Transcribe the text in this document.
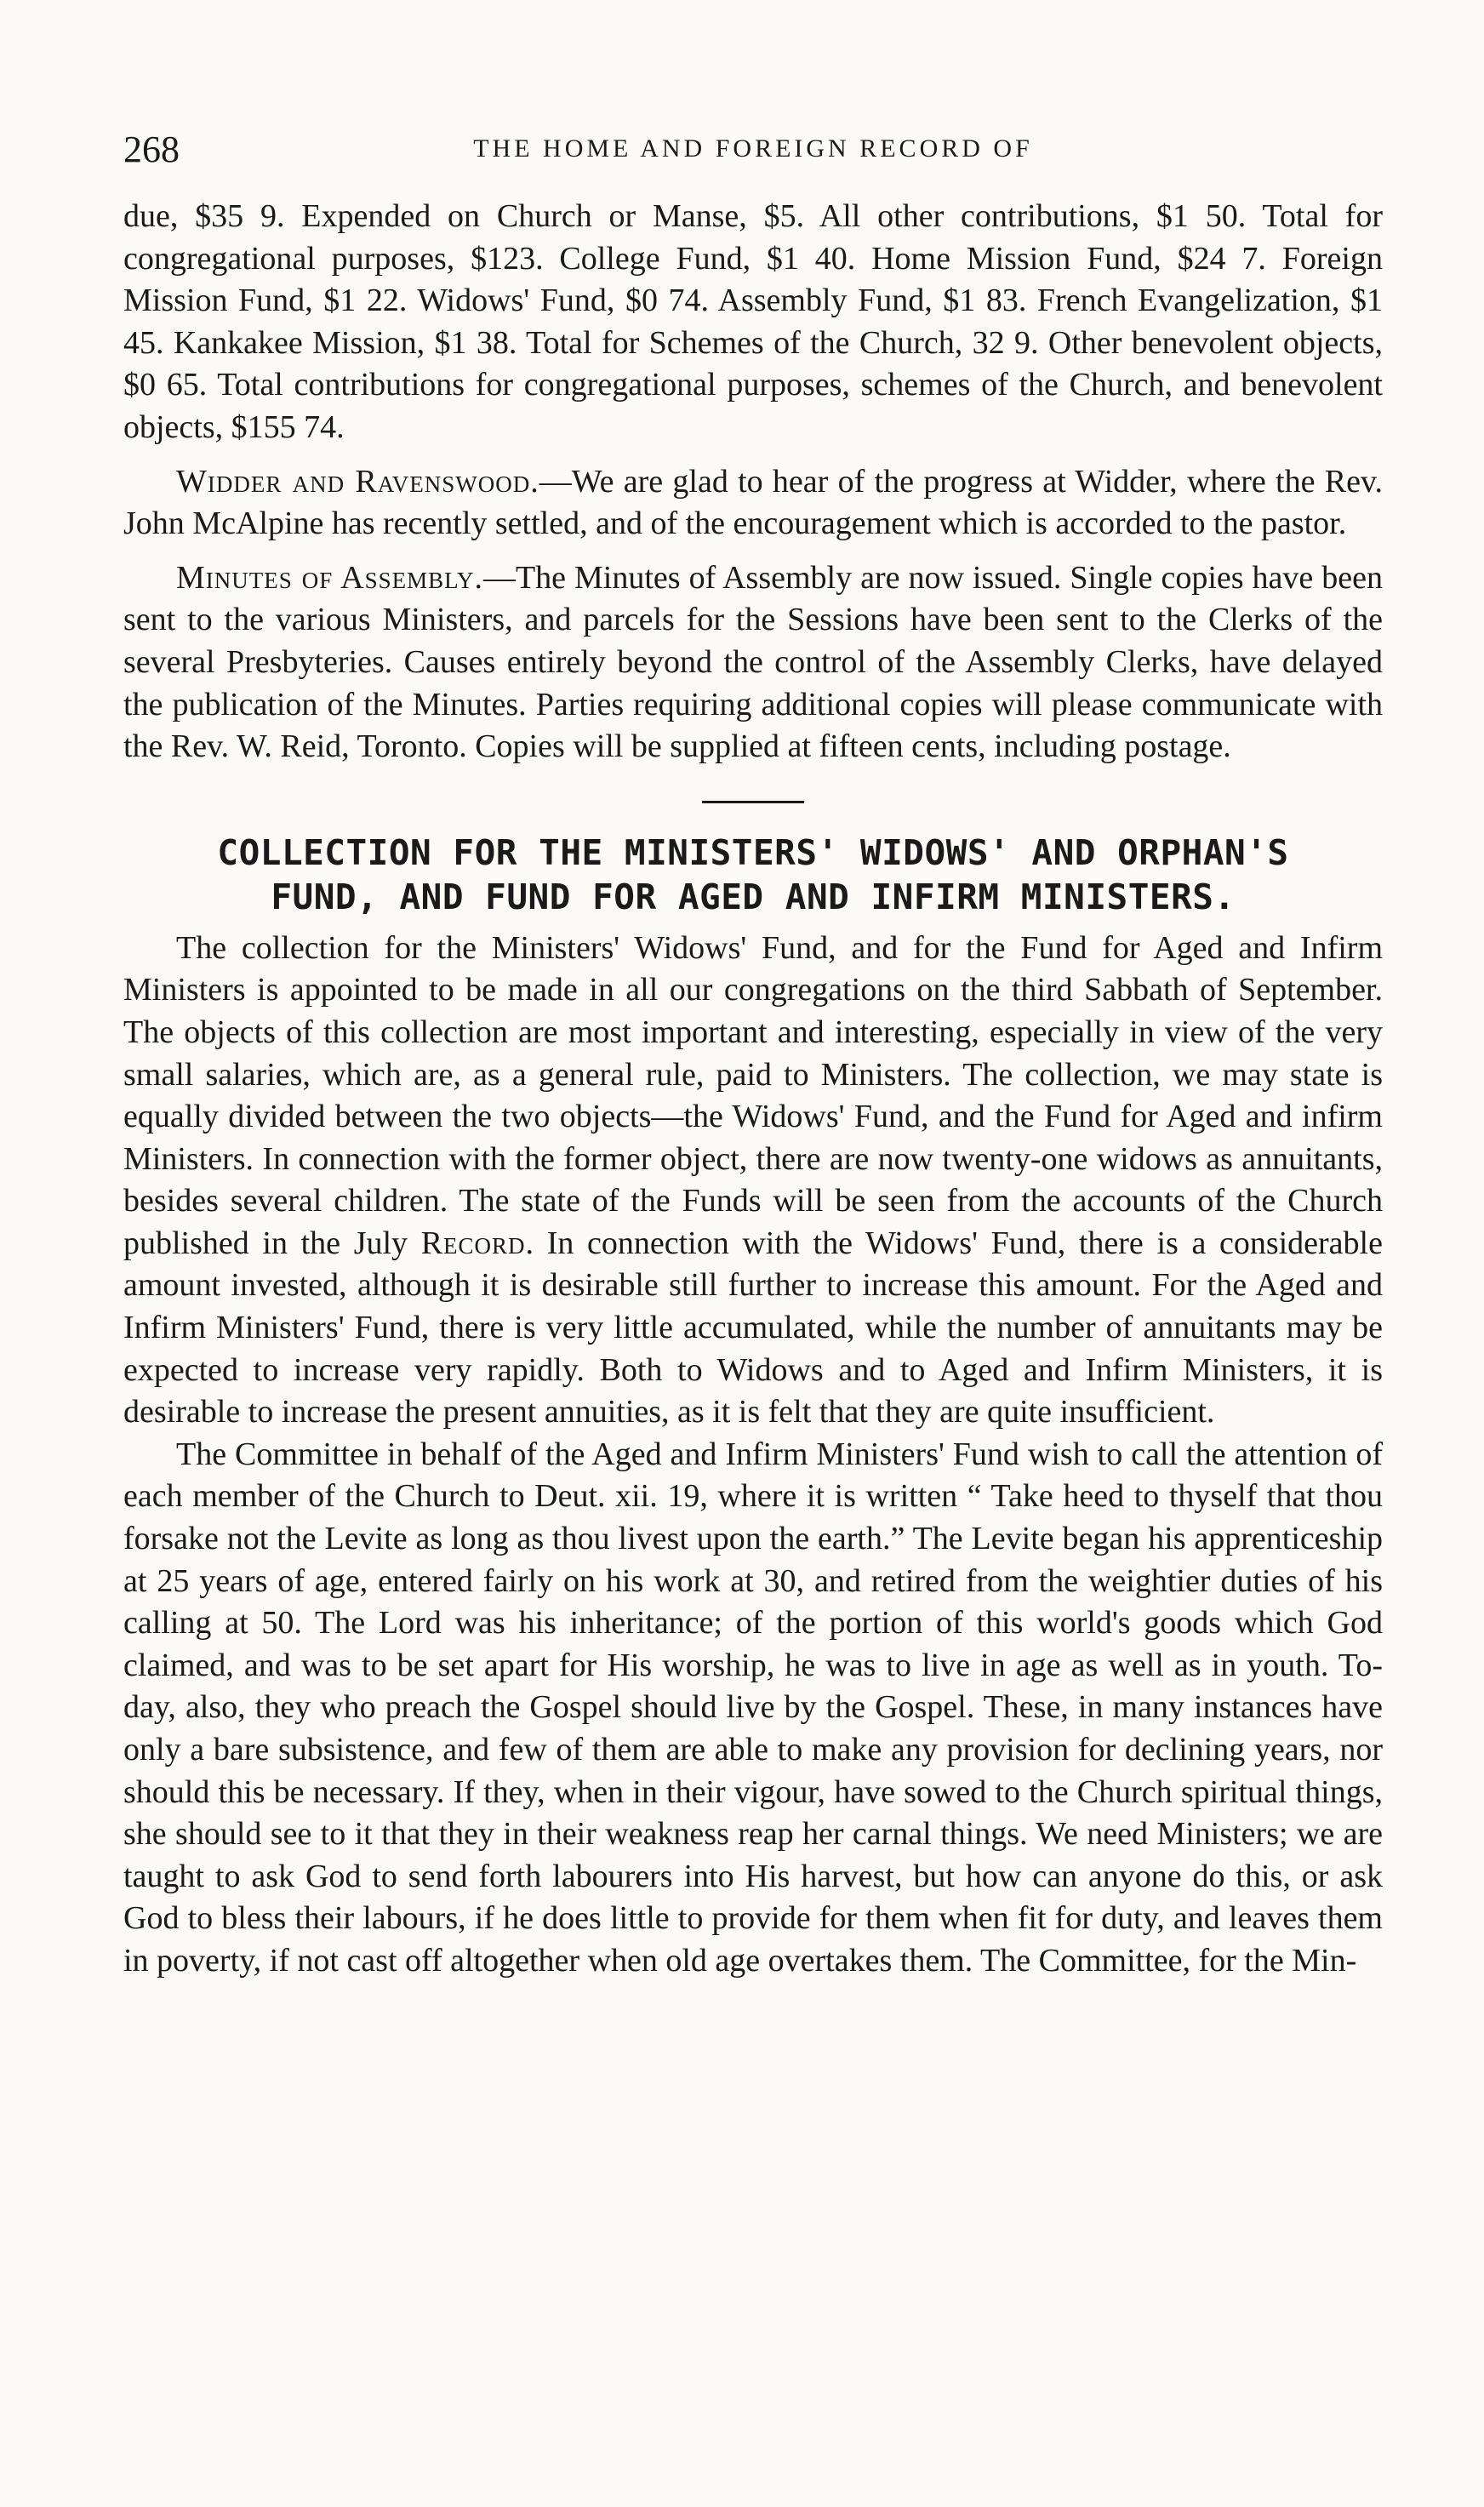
268	THE HOME AND FOREIGN RECORD OF

due, $35 9. Expended on Church or Manse, $5. All other contributions, $1 50. Total for congregational purposes, $123. College Fund, $1 40. Home Mission Fund, $24 7. Foreign Mission Fund, $1 22. Widows' Fund, $0 74. Assembly Fund, $1 83. French Evangelization, $1 45. Kankakee Mission, $1 38. Total for Schemes of the Church, 32 9. Other benevolent objects, $0 65. Total contributions for congregational purposes, schemes of the Church, and benevolent objects, $155 74.

Widder and Ravenswood.—We are glad to hear of the progress at Widder, where the Rev. John McAlpine has recently settled, and of the encouragement which is accorded to the pastor.

Minutes of Assembly.—The Minutes of Assembly are now issued. Single copies have been sent to the various Ministers, and parcels for the Sessions have been sent to the Clerks of the several Presbyteries. Causes entirely beyond the control of the Assembly Clerks, have delayed the publication of the Minutes. Parties requiring additional copies will please communicate with the Rev. W. Reid, Toronto. Copies will be supplied at fifteen cents, including postage.

COLLECTION FOR THE MINISTERS' WIDOWS' AND ORPHAN'S
FUND, AND FUND FOR AGED AND INFIRM MINISTERS.

The collection for the Ministers' Widows' Fund, and for the Fund for Aged and Infirm Ministers is appointed to be made in all our congregations on the third Sabbath of September. The objects of this collection are most important and interesting, especially in view of the very small salaries, which are, as a general rule, paid to Ministers. The collection, we may state is equally divided between the two objects—the Widows' Fund, and the Fund for Aged and infirm Ministers. In connection with the former object, there are now twenty-one widows as annuitants, besides several children. The state of the Funds will be seen from the accounts of the Church published in the July Record. In connection with the Widows' Fund, there is a considerable amount invested, although it is desirable still further to increase this amount. For the Aged and Infirm Ministers' Fund, there is very little accumulated, while the number of annuitants may be expected to increase very rapidly. Both to Widows and to Aged and Infirm Ministers, it is desirable to increase the present annuities, as it is felt that they are quite insufficient.

The Committee in behalf of the Aged and Infirm Ministers' Fund wish to call the attention of each member of the Church to Deut. xii. 19, where it is written “ Take heed to thyself that thou forsake not the Levite as long as thou livest upon the earth.” The Levite began his apprenticeship at 25 years of age, entered fairly on his work at 30, and retired from the weightier duties of his calling at 50. The Lord was his inheritance; of the portion of this world's goods which God claimed, and was to be set apart for His worship, he was to live in age as well as in youth. To-day, also, they who preach the Gospel should live by the Gospel. These, in many instances have only a bare subsistence, and few of them are able to make any provision for declining years, nor should this be necessary. If they, when in their vigour, have sowed to the Church spiritual things, she should see to it that they in their weakness reap her carnal things. We need Ministers; we are taught to ask God to send forth labourers into His harvest, but how can anyone do this, or ask God to bless their labours, if he does little to provide for them when fit for duty, and leaves them in poverty, if not cast off altogether when old age overtakes them. The Committee, for the Min-
